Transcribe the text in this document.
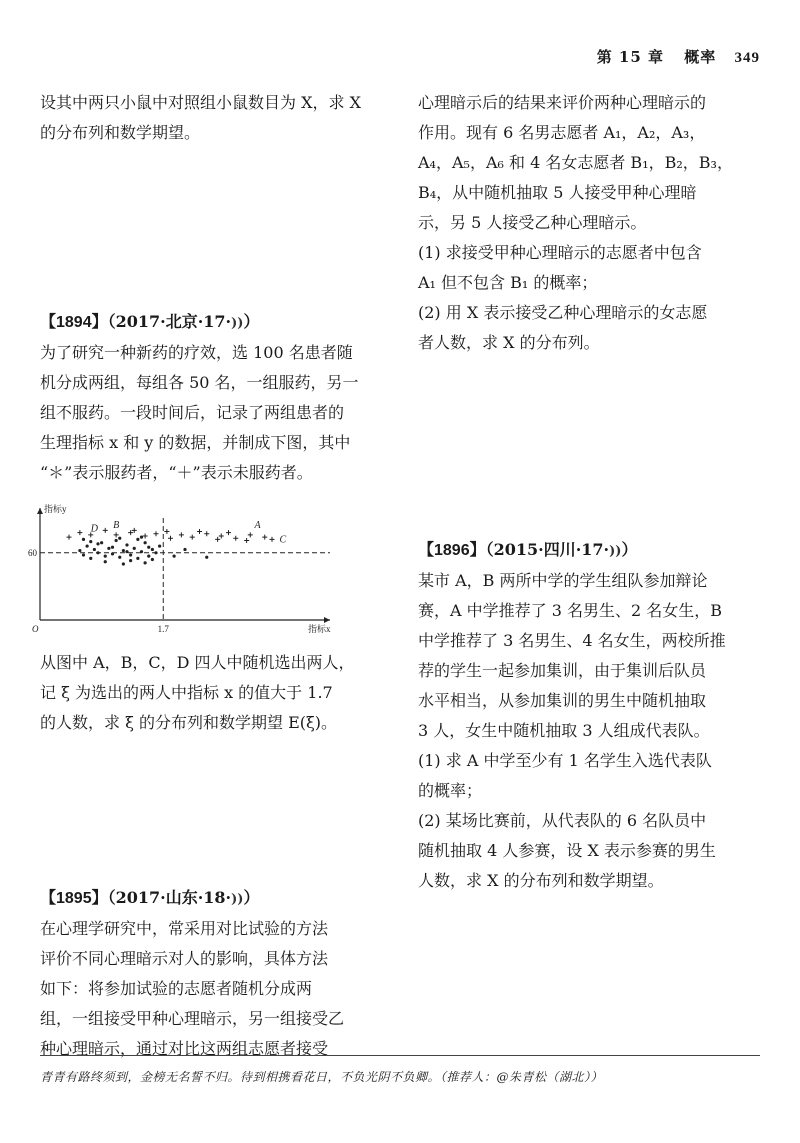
第 15 章 概率 349

设其中两只小鼠中对照组小鼠数目为 X，求 X 的分布列和数学期望。

【1894】（2017·北京·17·))）

为了研究一种新药的疗效，选 100 名患者随

机分成两组，每组各 50 名，一组服药，另一

组不服药。一段时间后，记录了两组患者的

生理指标 x 和 y 的数据，并制成下图，其中

“＊”表示服药者，“＋”表示未服药者。

指标y
指标x
O	1.7
60
D B	A
C

从图中 A，B，C，D 四人中随机选出两人，

记 ξ 为选出的两人中指标 x 的值大于 1.7

的人数，求 ξ 的分布列和数学期望 E(ξ)。

【1895】（2017·山东·18·))）

在心理学研究中，常采用对比试验的方法

评价不同心理暗示对人的影响，具体方法

如下：将参加试验的志愿者随机分成两

组，一组接受甲种心理暗示，另一组接受乙

种心理暗示，通过对比这两组志愿者接受

心理暗示后的结果来评价两种心理暗示的

作用。现有 6 名男志愿者 A₁，A₂，A₃，

A₄，A₅，A₆ 和 4 名女志愿者 B₁，B₂，B₃，

B₄，从中随机抽取 5 人接受甲种心理暗

示，另 5 人接受乙种心理暗示。

(1) 求接受甲种心理暗示的志愿者中包含

A₁ 但不包含 B₁ 的概率；

(2) 用 X 表示接受乙种心理暗示的女志愿

者人数，求 X 的分布列。

【1896】（2015·四川·17·))）

某市 A，B 两所中学的学生组队参加辩论

赛，A 中学推荐了 3 名男生、2 名女生，B

中学推荐了 3 名男生、4 名女生，两校所推

荐的学生一起参加集训，由于集训后队员

水平相当，从参加集训的男生中随机抽取

3 人，女生中随机抽取 3 人组成代表队。

(1) 求 A 中学至少有 1 名学生入选代表队

的概率；

(2) 某场比赛前，从代表队的 6 名队员中

随机抽取 4 人参赛，设 X 表示参赛的男生

人数，求 X 的分布列和数学期望。

青青有路终须到，金榜无名誓不归。待到相携看花日，不负光阴不负卿。（推荐人：@朱青松（湖北））
